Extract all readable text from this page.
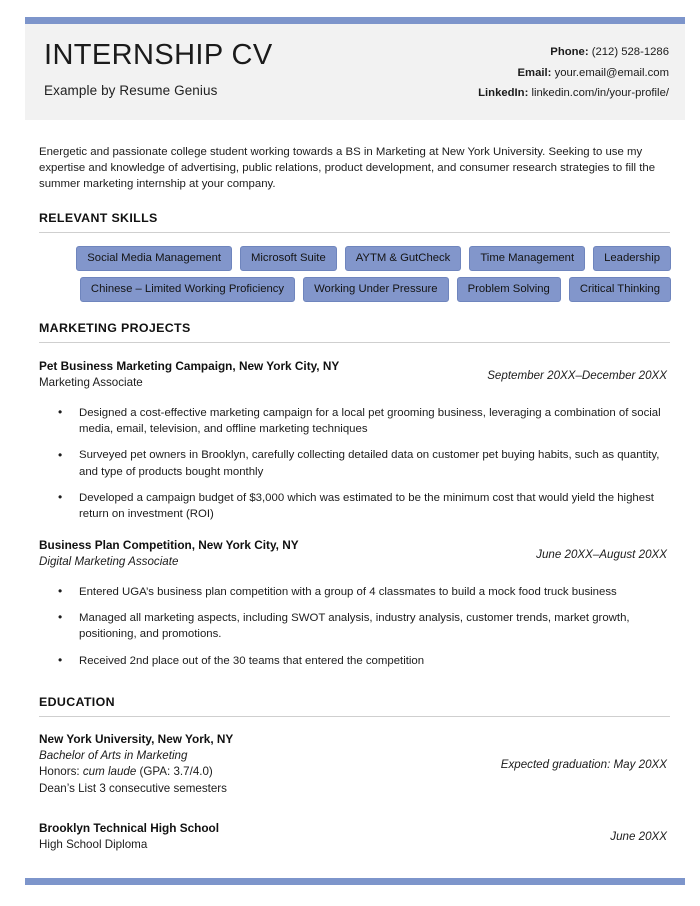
INTERNSHIP CV
Example by Resume Genius
Phone: (212) 528-1286
Email: your.email@email.com
LinkedIn: linkedin.com/in/your-profile/
Energetic and passionate college student working towards a BS in Marketing at New York University. Seeking to use my expertise and knowledge of advertising, public relations, product development, and consumer research strategies to fill the summer marketing internship at your company.
RELEVANT SKILLS
Social Media Management	Microsoft Suite	AYTM & GutCheck	Time Management	Leadership
Chinese – Limited Working Proficiency	Working Under Pressure	Problem Solving	Critical Thinking
MARKETING PROJECTS
Pet Business Marketing Campaign, New York City, NY
Marketing Associate
September 20XX–December 20XX
• Designed a cost-effective marketing campaign for a local pet grooming business, leveraging a combination of social media, email, television, and offline marketing techniques
• Surveyed pet owners in Brooklyn, carefully collecting detailed data on customer pet buying habits, such as quantity, and type of products bought monthly
• Developed a campaign budget of $3,000 which was estimated to be the minimum cost that would yield the highest return on investment (ROI)
Business Plan Competition, New York City, NY
Digital Marketing Associate
June 20XX–August 20XX
• Entered UGA’s business plan competition with a group of 4 classmates to build a mock food truck business
• Managed all marketing aspects, including SWOT analysis, industry analysis, customer trends, market growth, positioning, and promotions.
• Received 2nd place out of the 30 teams that entered the competition
EDUCATION
New York University, New York, NY
Bachelor of Arts in Marketing
Honors: cum laude (GPA: 3.7/4.0)
Dean’s List 3 consecutive semesters
Expected graduation: May 20XX
Brooklyn Technical High School
High School Diploma
June 20XX
